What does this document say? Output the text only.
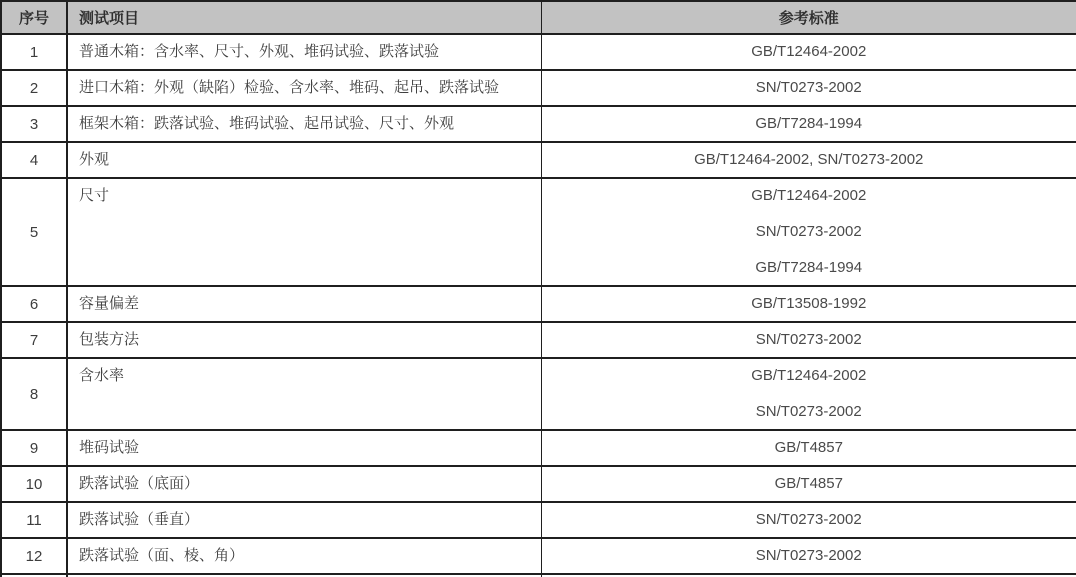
序号	测试项目	参考标准
1	普通木箱：含水率、尺寸、外观、堆码试验、跌落试验	GB/T12464-2002

2	进口木箱：外观（缺陷）检验、含水率、堆码、起吊、跌落试验	SN/T0273-2002

3	框架木箱：跌落试验、堆码试验、起吊试验、尺寸、外观	GB/T7284-1994

4	外观	GB/T12464-2002, SN/T0273-2002

5	尺寸	GB/T12464-2002
SN/T0273-2002
GB/T7284-1994

6	容量偏差	GB/T13508-1992

7	包装方法	SN/T0273-2002

8	含水率	GB/T12464-2002
SN/T0273-2002

9	堆码试验	GB/T4857

10	跌落试验（底面）	GB/T4857

11	跌落试验（垂直）	SN/T0273-2002

12	跌落试验（面、棱、角）	SN/T0273-2002
